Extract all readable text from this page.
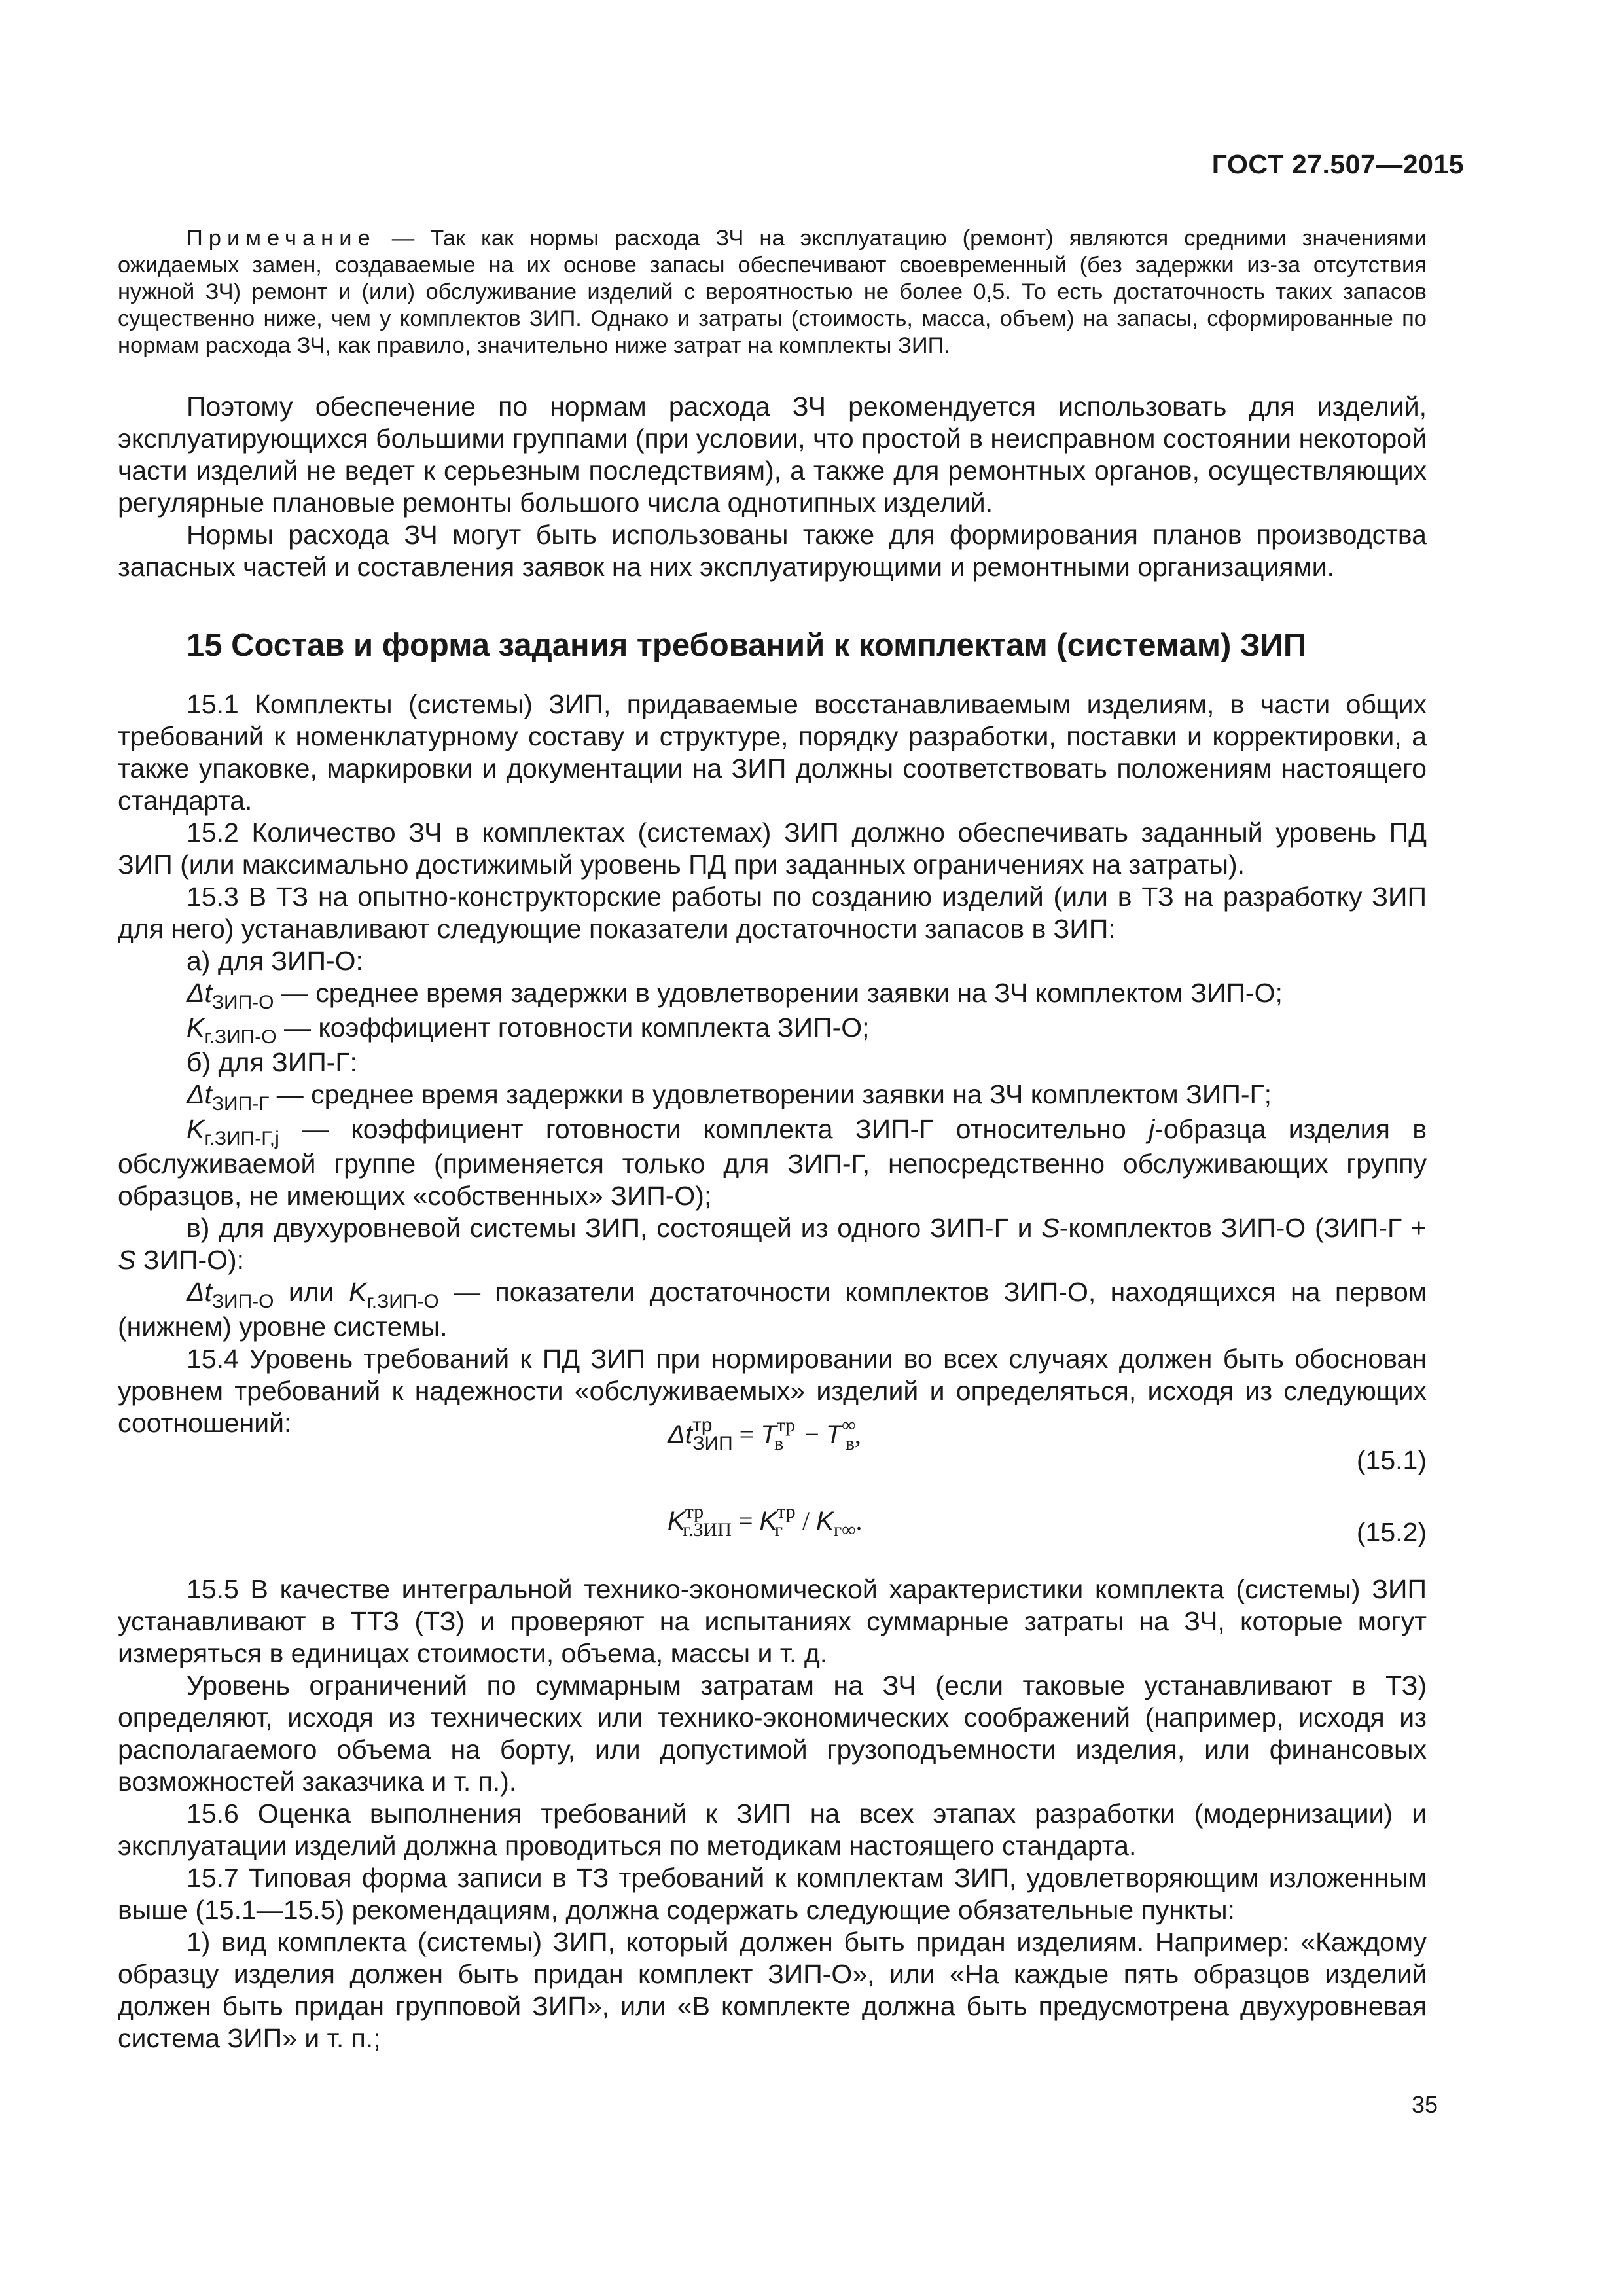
ГОСТ 27.507—2015
Примечание — Так как нормы расхода ЗЧ на эксплуатацию (ремонт) являются средними значениями ожидаемых замен, создаваемые на их основе запасы обеспечивают своевременный (без задержки из-за отсутствия нужной ЗЧ) ремонт и (или) обслуживание изделий с вероятностью не более 0,5. То есть достаточность таких запасов существенно ниже, чем у комплектов ЗИП. Однако и затраты (стоимость, масса, объем) на запасы, сформированные по нормам расхода ЗЧ, как правило, значительно ниже затрат на комплекты ЗИП.

Поэтому обеспечение по нормам расхода ЗЧ рекомендуется использовать для изделий, эксплуатирующихся большими группами (при условии, что простой в неисправном состоянии некоторой части изделий не ведет к серьезным последствиям), а также для ремонтных органов, осуществляющих регулярные плановые ремонты большого числа однотипных изделий.

Нормы расхода ЗЧ могут быть использованы также для формирования планов производства запасных частей и составления заявок на них эксплуатирующими и ремонтными организациями.

15 Состав и форма задания требований к комплектам (системам) ЗИП

15.1 Комплекты (системы) ЗИП, придаваемые восстанавливаемым изделиям, в части общих требований к номенклатурному составу и структуре, порядку разработки, поставки и корректировки, а также упаковке, маркировки и документации на ЗИП должны соответствовать положениям настоящего стандарта.

15.2 Количество ЗЧ в комплектах (системах) ЗИП должно обеспечивать заданный уровень ПД ЗИП (или максимально достижимый уровень ПД при заданных ограничениях на затраты).

15.3 В ТЗ на опытно-конструкторские работы по созданию изделий (или в ТЗ на разработку ЗИП для него) устанавливают следующие показатели достаточности запасов в ЗИП:

а) для ЗИП-О:

$\Delta t_{ЗИП-О}$ — среднее время задержки в удовлетворении заявки на ЗЧ комплектом ЗИП-О;

$K_{г.ЗИП-О}$ — коэффициент готовности комплекта ЗИП-О;

б) для ЗИП-Г:

$\Delta t_{ЗИП-Г}$ — среднее время задержки в удовлетворении заявки на ЗЧ комплектом ЗИП-Г;

$K_{г.ЗИП-Г,j}$ — коэффициент готовности комплекта ЗИП-Г относительно j-образца изделия в обслуживаемой группе (применяется только для ЗИП-Г, непосредственно обслуживающих группу образцов, не имеющих «собственных» ЗИП-О);

в) для двухуровневой системы ЗИП, состоящей из одного ЗИП-Г и S-комплектов ЗИП-О (ЗИП-Г + S ЗИП-О):

$\Delta t_{ЗИП-О}$ или $K_{г.ЗИП-О}$ — показатели достаточности комплектов ЗИП-О, находящихся на первом (нижнем) уровне системы.

15.4 Уровень требований к ПД ЗИП при нормировании во всех случаях должен быть обоснован уровнем требований к надежности «обслуживаемых» изделий и определяться, исходя из следующих соотношений:	$\Delta t^{тр}_{ЗИП} = T^{тр}_в - T^\infty_в$,
(15.1)
$K^{тр}_{г.ЗИП} = K^{тр}_г / K_{г\infty}$.	(15.2)

15.5 В качестве интегральной технико-экономической характеристики комплекта (системы) ЗИП устанавливают в ТТЗ (ТЗ) и проверяют на испытаниях суммарные затраты на ЗЧ, которые могут измеряться в единицах стоимости, объема, массы и т. д.

Уровень ограничений по суммарным затратам на ЗЧ (если таковые устанавливают в ТЗ) определяют, исходя из технических или технико-экономических соображений (например, исходя из располагаемого объема на борту, или допустимой грузоподъемности изделия, или финансовых возможностей заказчика и т. п.).

15.6 Оценка выполнения требований к ЗИП на всех этапах разработки (модернизации) и эксплуатации изделий должна проводиться по методикам настоящего стандарта.

15.7 Типовая форма записи в ТЗ требований к комплектам ЗИП, удовлетворяющим изложенным выше (15.1—15.5) рекомендациям, должна содержать следующие обязательные пункты:

1) вид комплекта (системы) ЗИП, который должен быть придан изделиям. Например: «Каждому образцу изделия должен быть придан комплект ЗИП-О», или «На каждые пять образцов изделий должен быть придан групповой ЗИП», или «В комплекте должна быть предусмотрена двухуровневая система ЗИП» и т. п.;

35
